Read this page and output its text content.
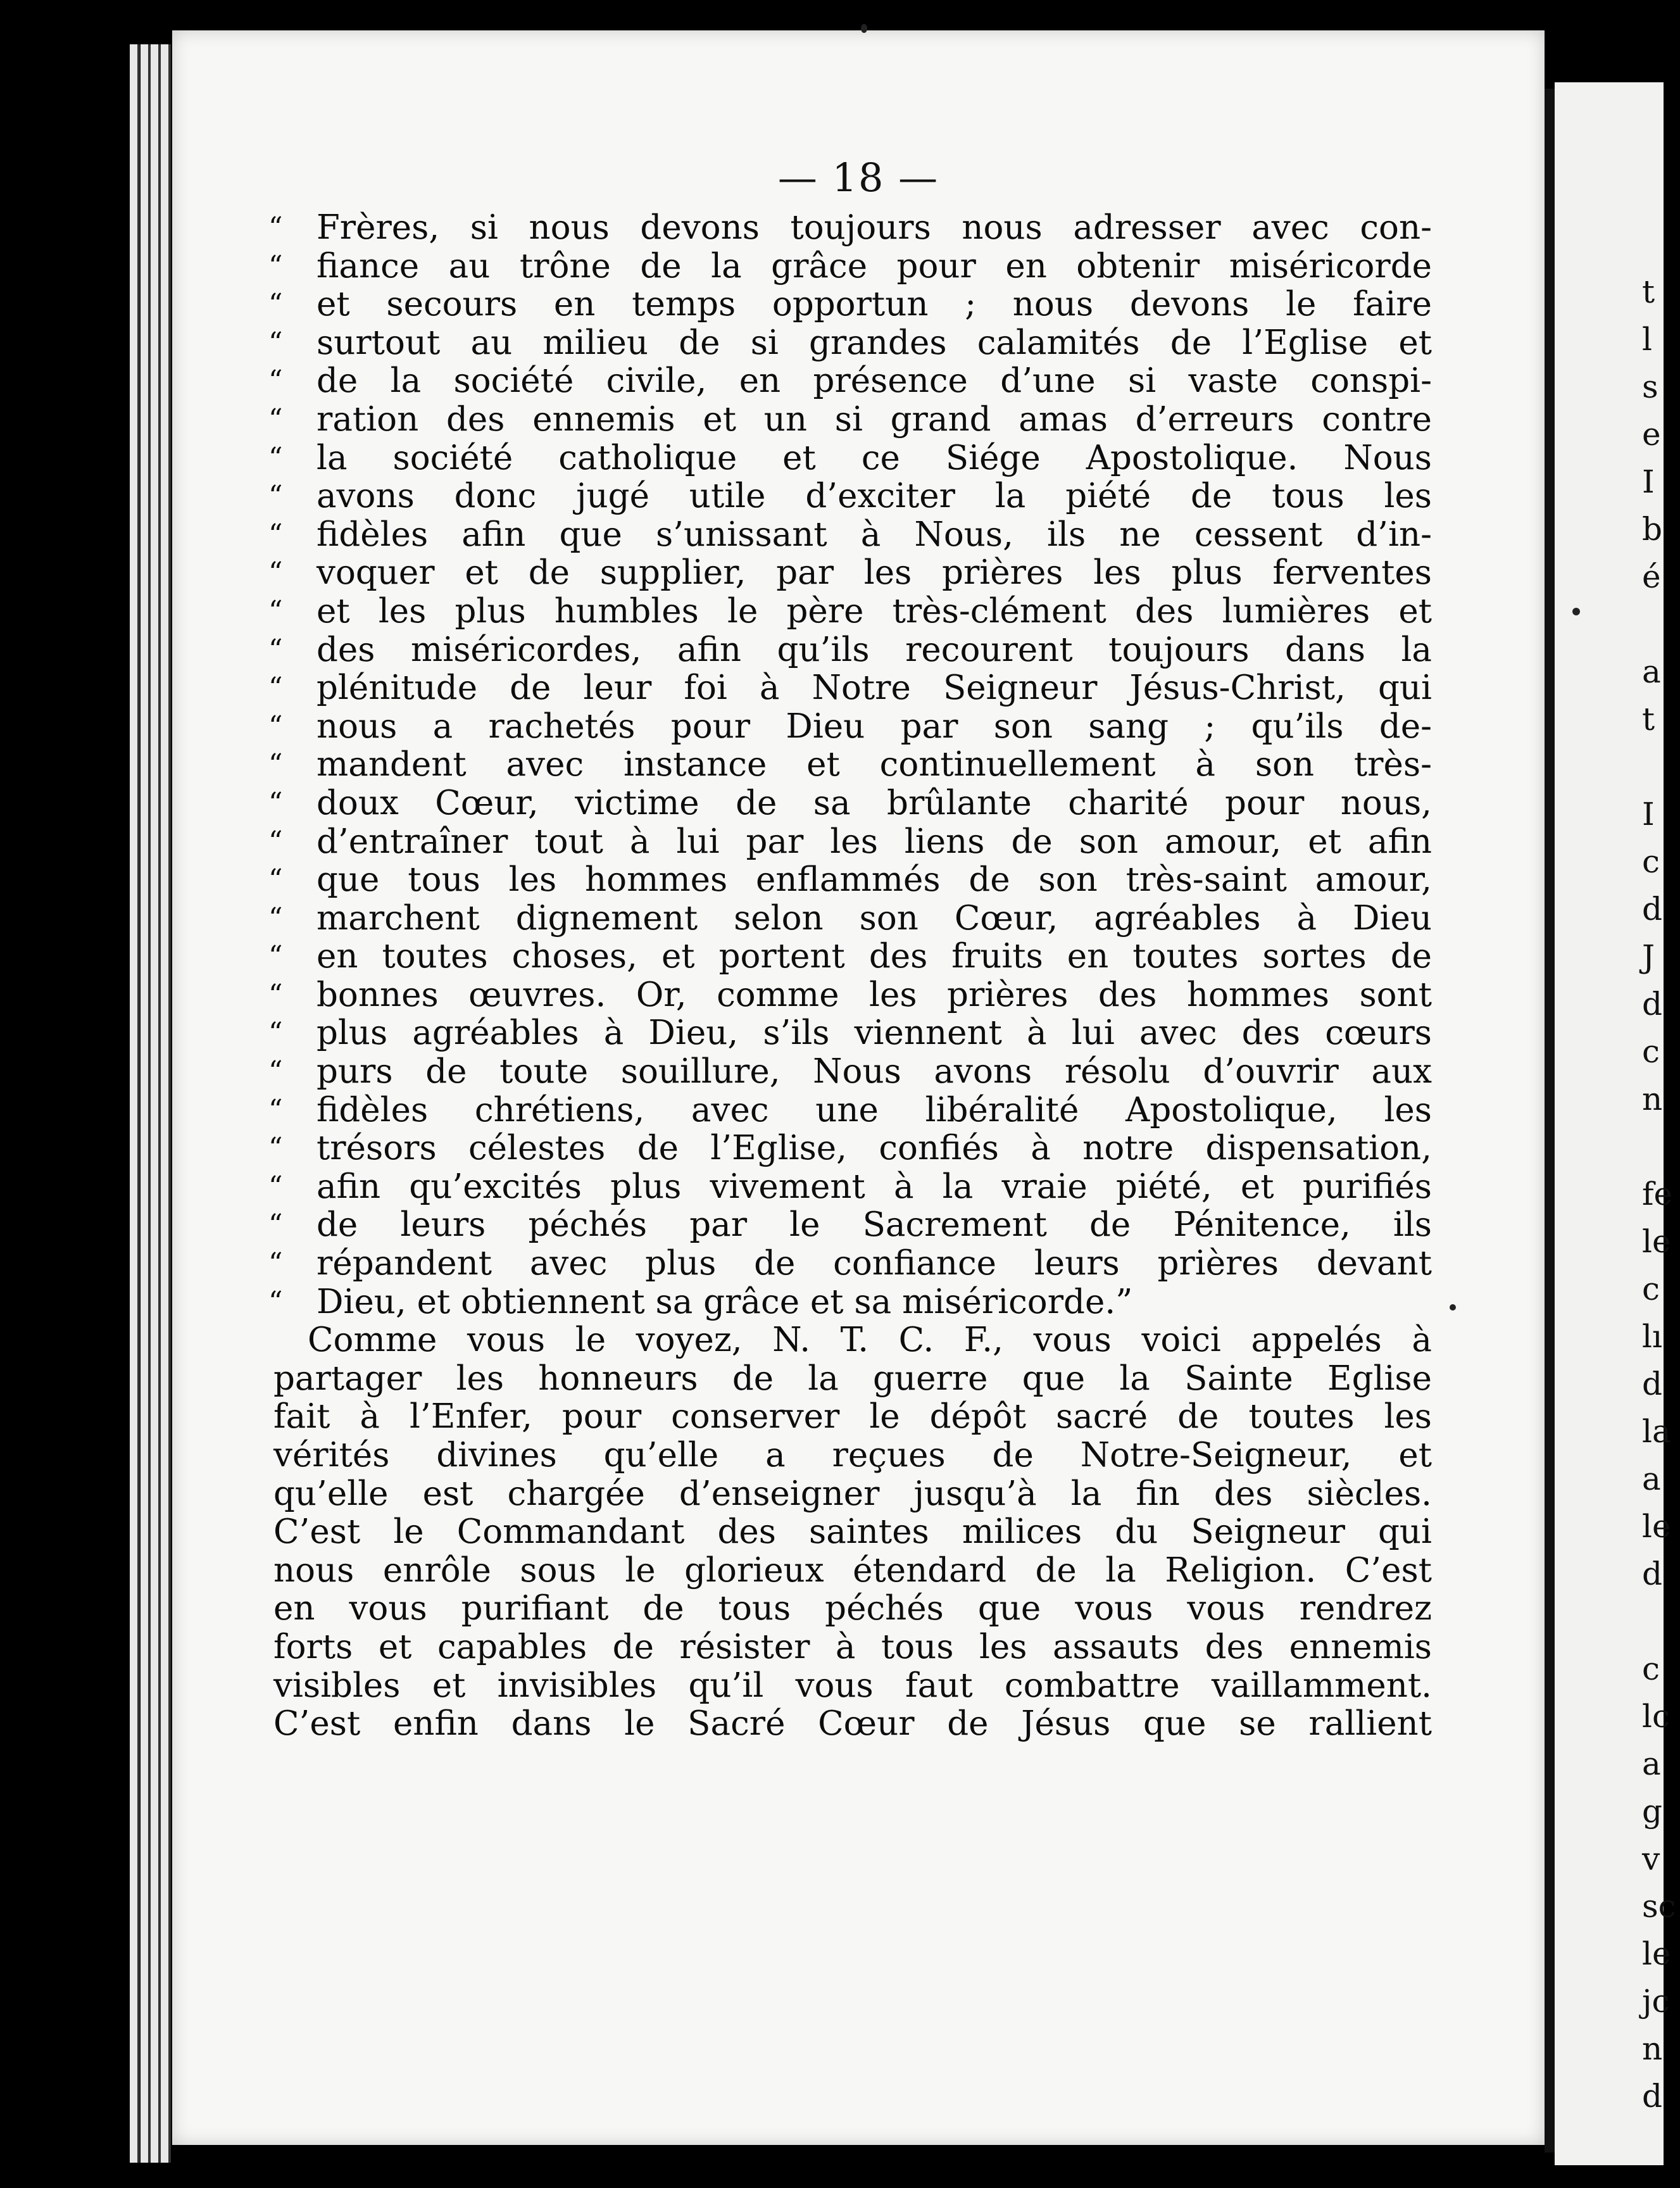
— 18 —
“	Frères, si nous devons toujours nous adresser avec con-
“	fiance au trône de la grâce pour en obtenir miséricorde
“	et secours en temps opportun ; nous devons le faire
“	surtout au milieu de si grandes calamités de l’Eglise et
“	de la société civile, en présence d’une si vaste conspi-
“	ration des ennemis et un si grand amas d’erreurs contre
“	la société catholique et ce Siége Apostolique. Nous
“	avons donc jugé utile d’exciter la piété de tous les
“	fidèles afin que s’unissant à Nous, ils ne cessent d’in-
“	voquer et de supplier, par les prières les plus ferventes
“	et les plus humbles le père très-clément des lumières et
“	des miséricordes, afin qu’ils recourent toujours dans la
“	plénitude de leur foi à Notre Seigneur Jésus-Christ, qui
“	nous a rachetés pour Dieu par son sang ; qu’ils de-
“	mandent avec instance et continuellement à son très-
“	doux Cœur, victime de sa brûlante charité pour nous,
“	d’entraîner tout à lui par les liens de son amour, et afin
“	que tous les hommes enflammés de son très-saint amour,
“	marchent dignement selon son Cœur, agréables à Dieu
“	en toutes choses, et portent des fruits en toutes sortes de
“	bonnes œuvres. Or, comme les prières des hommes sont
“	plus agréables à Dieu, s’ils viennent à lui avec des cœurs
“	purs de toute souillure, Nous avons résolu d’ouvrir aux
“	fidèles chrétiens, avec une libéralité Apostolique, les
“	trésors célestes de l’Eglise, confiés à notre dispensation,
“	afin qu’excités plus vivement à la vraie piété, et purifiés
“	de leurs péchés par le Sacrement de Pénitence, ils
“	répandent avec plus de confiance leurs prières devant
“	Dieu, et obtiennent sa grâce et sa miséricorde.”
Comme vous le voyez, N. T. C. F., vous voici appelés à
partager les honneurs de la guerre que la Sainte Eglise
fait à l’Enfer, pour conserver le dépôt sacré de toutes les
vérités divines qu’elle a reçues de Notre-Seigneur, et
qu’elle est chargée d’enseigner jusqu’à la fin des siècles.
C’est le Commandant des saintes milices du Seigneur qui
nous enrôle sous le glorieux étendard de la Religion. C’est
en vous purifiant de tous péchés que vous vous rendrez
forts et capables de résister à tous les assauts des ennemis
visibles et invisibles qu’il vous faut combattre vaillamment.
C’est enfin dans le Sacré Cœur de Jésus que se rallient
t
l
s
e
I
b
é
a
t
I
c
d
J
d
c
n
fe
le
c
lı
d
la
a
le
d
c
lc
a
g
v
sc
le
jc
n
d
